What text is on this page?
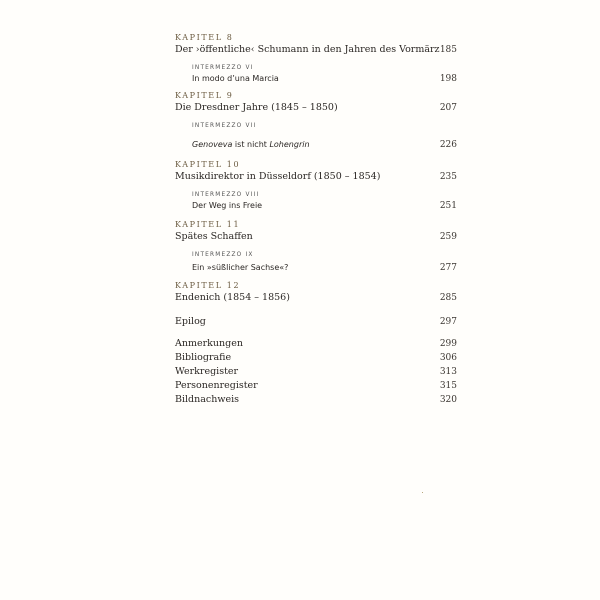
KAPITEL 8
Der ›öffentliche‹ Schumann in den Jahren des Vormärz 185
INTERMEZZO VI
In modo d’una Marcia	198
KAPITEL 9
Die Dresdner Jahre (1845 – 1850)	207
INTERMEZZO VII
Genoveva ist nicht Lohengrin	226
KAPITEL 10
Musikdirektor in Düsseldorf (1850 – 1854)	235
INTERMEZZO VIII
Der Weg ins Freie	251
KAPITEL 11
Spätes Schaffen	259
INTERMEZZO IX
Ein »süßlicher Sachse«?	277
KAPITEL 12
Endenich (1854 – 1856)	285
Epilog	297
Anmerkungen	299
Bibliografie	306
Werkregister	313
Personenregister	315
Bildnachweis	320
